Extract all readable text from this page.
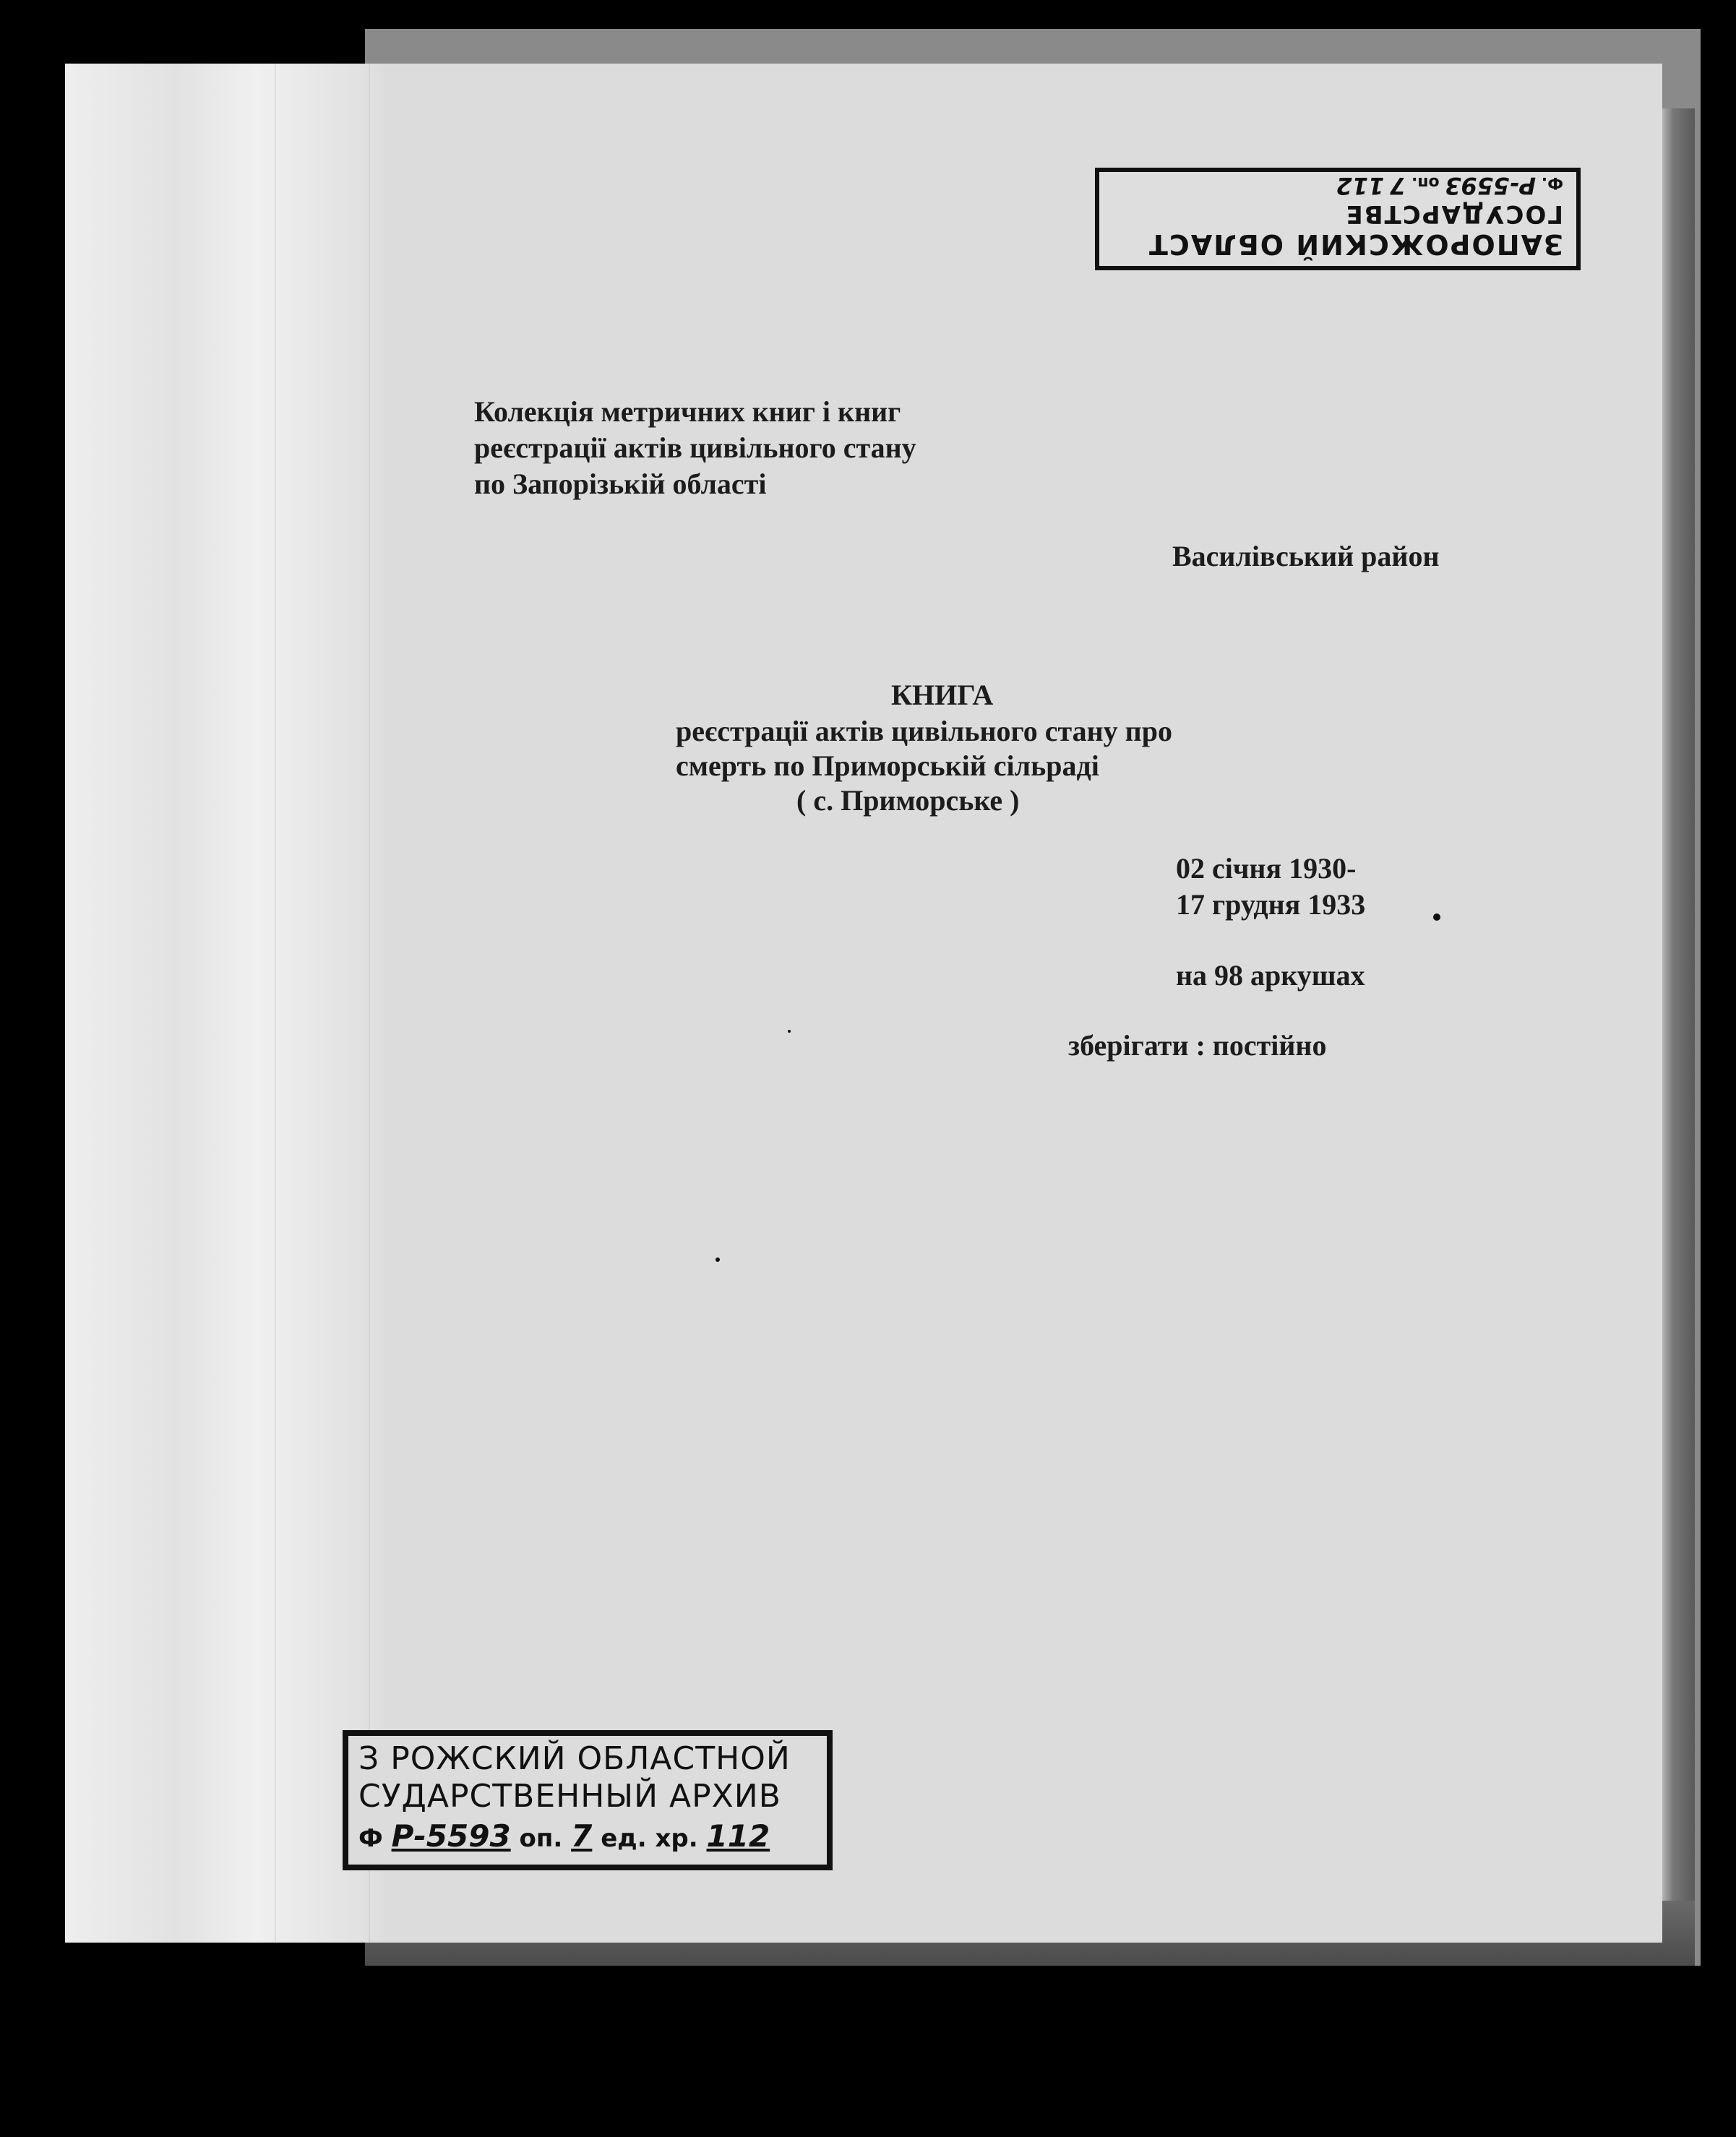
ЗАПОРОЖСКИЙ ОБЛАСТ
ГОСУДАРСТВЕ
Ф. Р-5593 оп. 7 112
Колекція метричних книг і книг
реєстрації актів цивільного стану
по Запорізькій області
Василівський район
КНИГА
реєстрації актів цивільного стану про
смерть по Приморській сільраді
( с. Приморське )
02 січня 1930-
17 грудня 1933
на 98 аркушах
зберігати : постійно
З РОЖСКИЙ ОБЛАСТНОЙ
СУДАРСТВЕННЫЙ АРХИВ
Ф Р-5593 оп. 7 ед. хр. 112
